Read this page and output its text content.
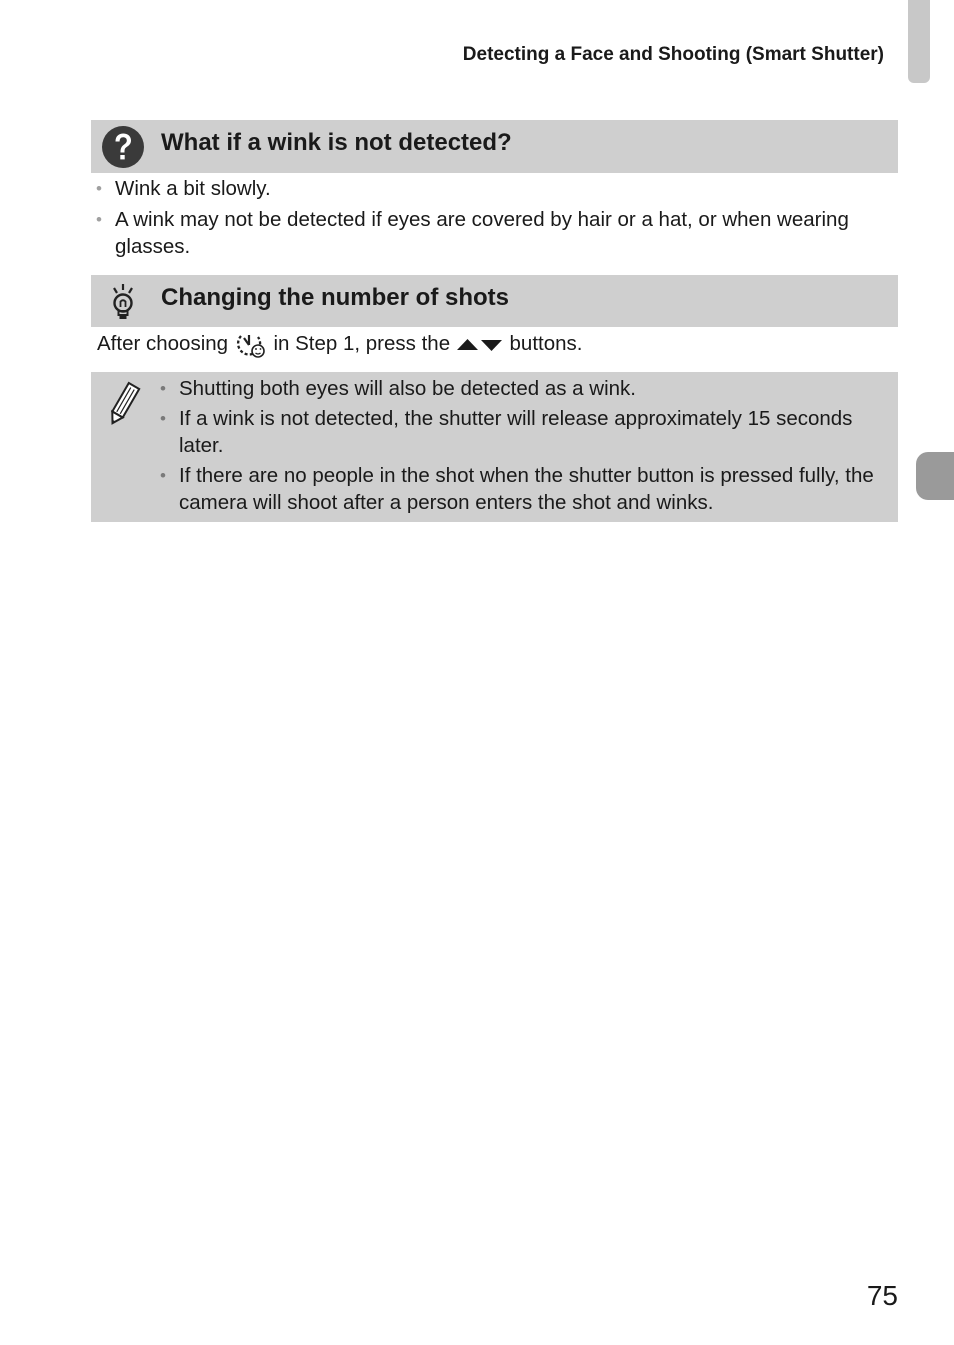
Detecting a Face and Shooting (Smart Shutter)
What if a wink is not detected?
• Wink a bit slowly.
• A wink may not be detected if eyes are covered by hair or a hat, or when wearing glasses.
Changing the number of shots
After choosing in Step 1, press the	buttons.
• Shutting both eyes will also be detected as a wink.
• If a wink is not detected, the shutter will release approximately 15 seconds later.
• If there are no people in the shot when the shutter button is pressed fully, the camera will shoot after a person enters the shot and winks.
75
